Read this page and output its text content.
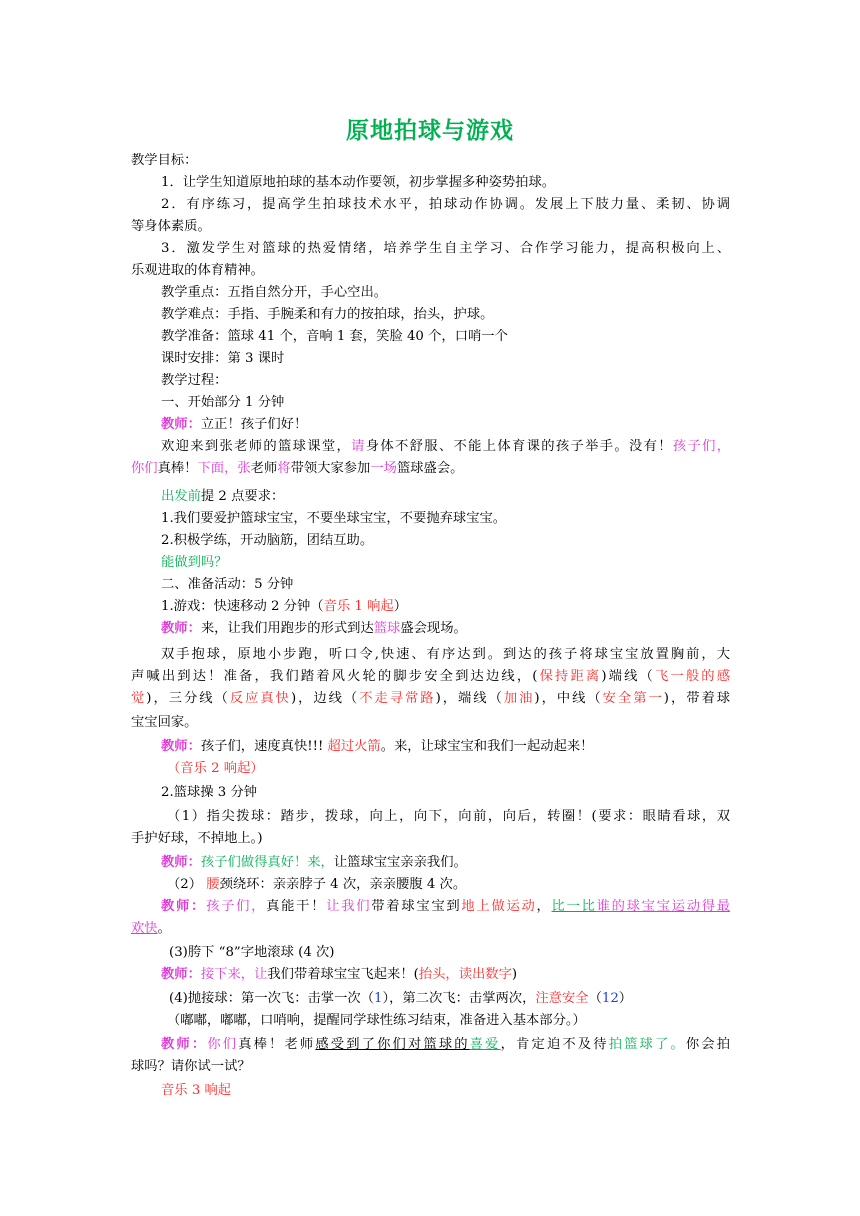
原地拍球与游戏
教学目标：
1．让学生知道原地拍球的基本动作要领，初步掌握多种姿势拍球。
2．有序练习，提高学生拍球技术水平，拍球动作协调。发展上下肢力量、柔韧、协调
等身体素质。
3．激发学生对篮球的热爱情绪，培养学生自主学习、合作学习能力，提高积极向上、
乐观进取的体育精神。
教学重点：五指自然分开，手心空出。
教学难点：手指、手腕柔和有力的按拍球，抬头，护球。
教学准备：篮球 41 个，音响 1 套，笑脸 40 个，口哨一个
课时安排：第 3 课时
教学过程：
一、开始部分 1 分钟
教师：立正！孩子们好！
欢迎来到张老师的篮球课堂，请身体不舒服、不能上体育课的孩子举手。没有！孩子们，
你们真棒！下面，张老师将带领大家参加一场篮球盛会。
出发前提 2 点要求：
1.我们要爱护篮球宝宝，不要坐球宝宝，不要抛弃球宝宝。
2.积极学练，开动脑筋，团结互助。
能做到吗？
二、准备活动：5 分钟
1.游戏：快速移动 2 分钟（音乐 1 响起）
教师：来，让我们用跑步的形式到达篮球盛会现场。
双手抱球，原地小步跑，听口令,快速、有序达到。到达的孩子将球宝宝放置胸前，大
声喊出到达！准备，我们踏着风火轮的脚步安全到达边线，(保持距离)端线（飞一般的感
觉)，三分线（反应真快)，边线（不走寻常路)，端线（加油)，中线（安全第一)，带着球
宝宝回家。
教师：孩子们，速度真快!!! 超过火箭。来，让球宝宝和我们一起动起来！
（音乐 2 响起）
2.篮球操 3 分钟
（1）指尖拨球：踏步，拨球，向上，向下，向前，向后，转圈！(要求：眼睛看球，双
手护好球，不掉地上。)
教师：孩子们做得真好！来，让篮球宝宝亲亲我们。
（2） 腰颈绕环：亲亲脖子 4 次，亲亲腰腹 4 次。
教师：孩子们，真能干！让我们带着球宝宝到地上做运动，比一比谁的球宝宝运动得最
欢快。
(3)胯下 “8”字地滚球 (4 次)
教师：接下来，让我们带着球宝宝飞起来！(抬头，读出数字)
(4)抛接球：第一次飞：击掌一次（1），第二次飞：击掌两次，注意安全（12）
（嘟嘟，嘟嘟，口哨响，提醒同学球性练习结束，准备进入基本部分。）
教师：你们真棒！老师感受到了你们对篮球的喜爱，肯定迫不及待拍篮球了。你会拍
球吗？请你试一试？
音乐 3 响起
